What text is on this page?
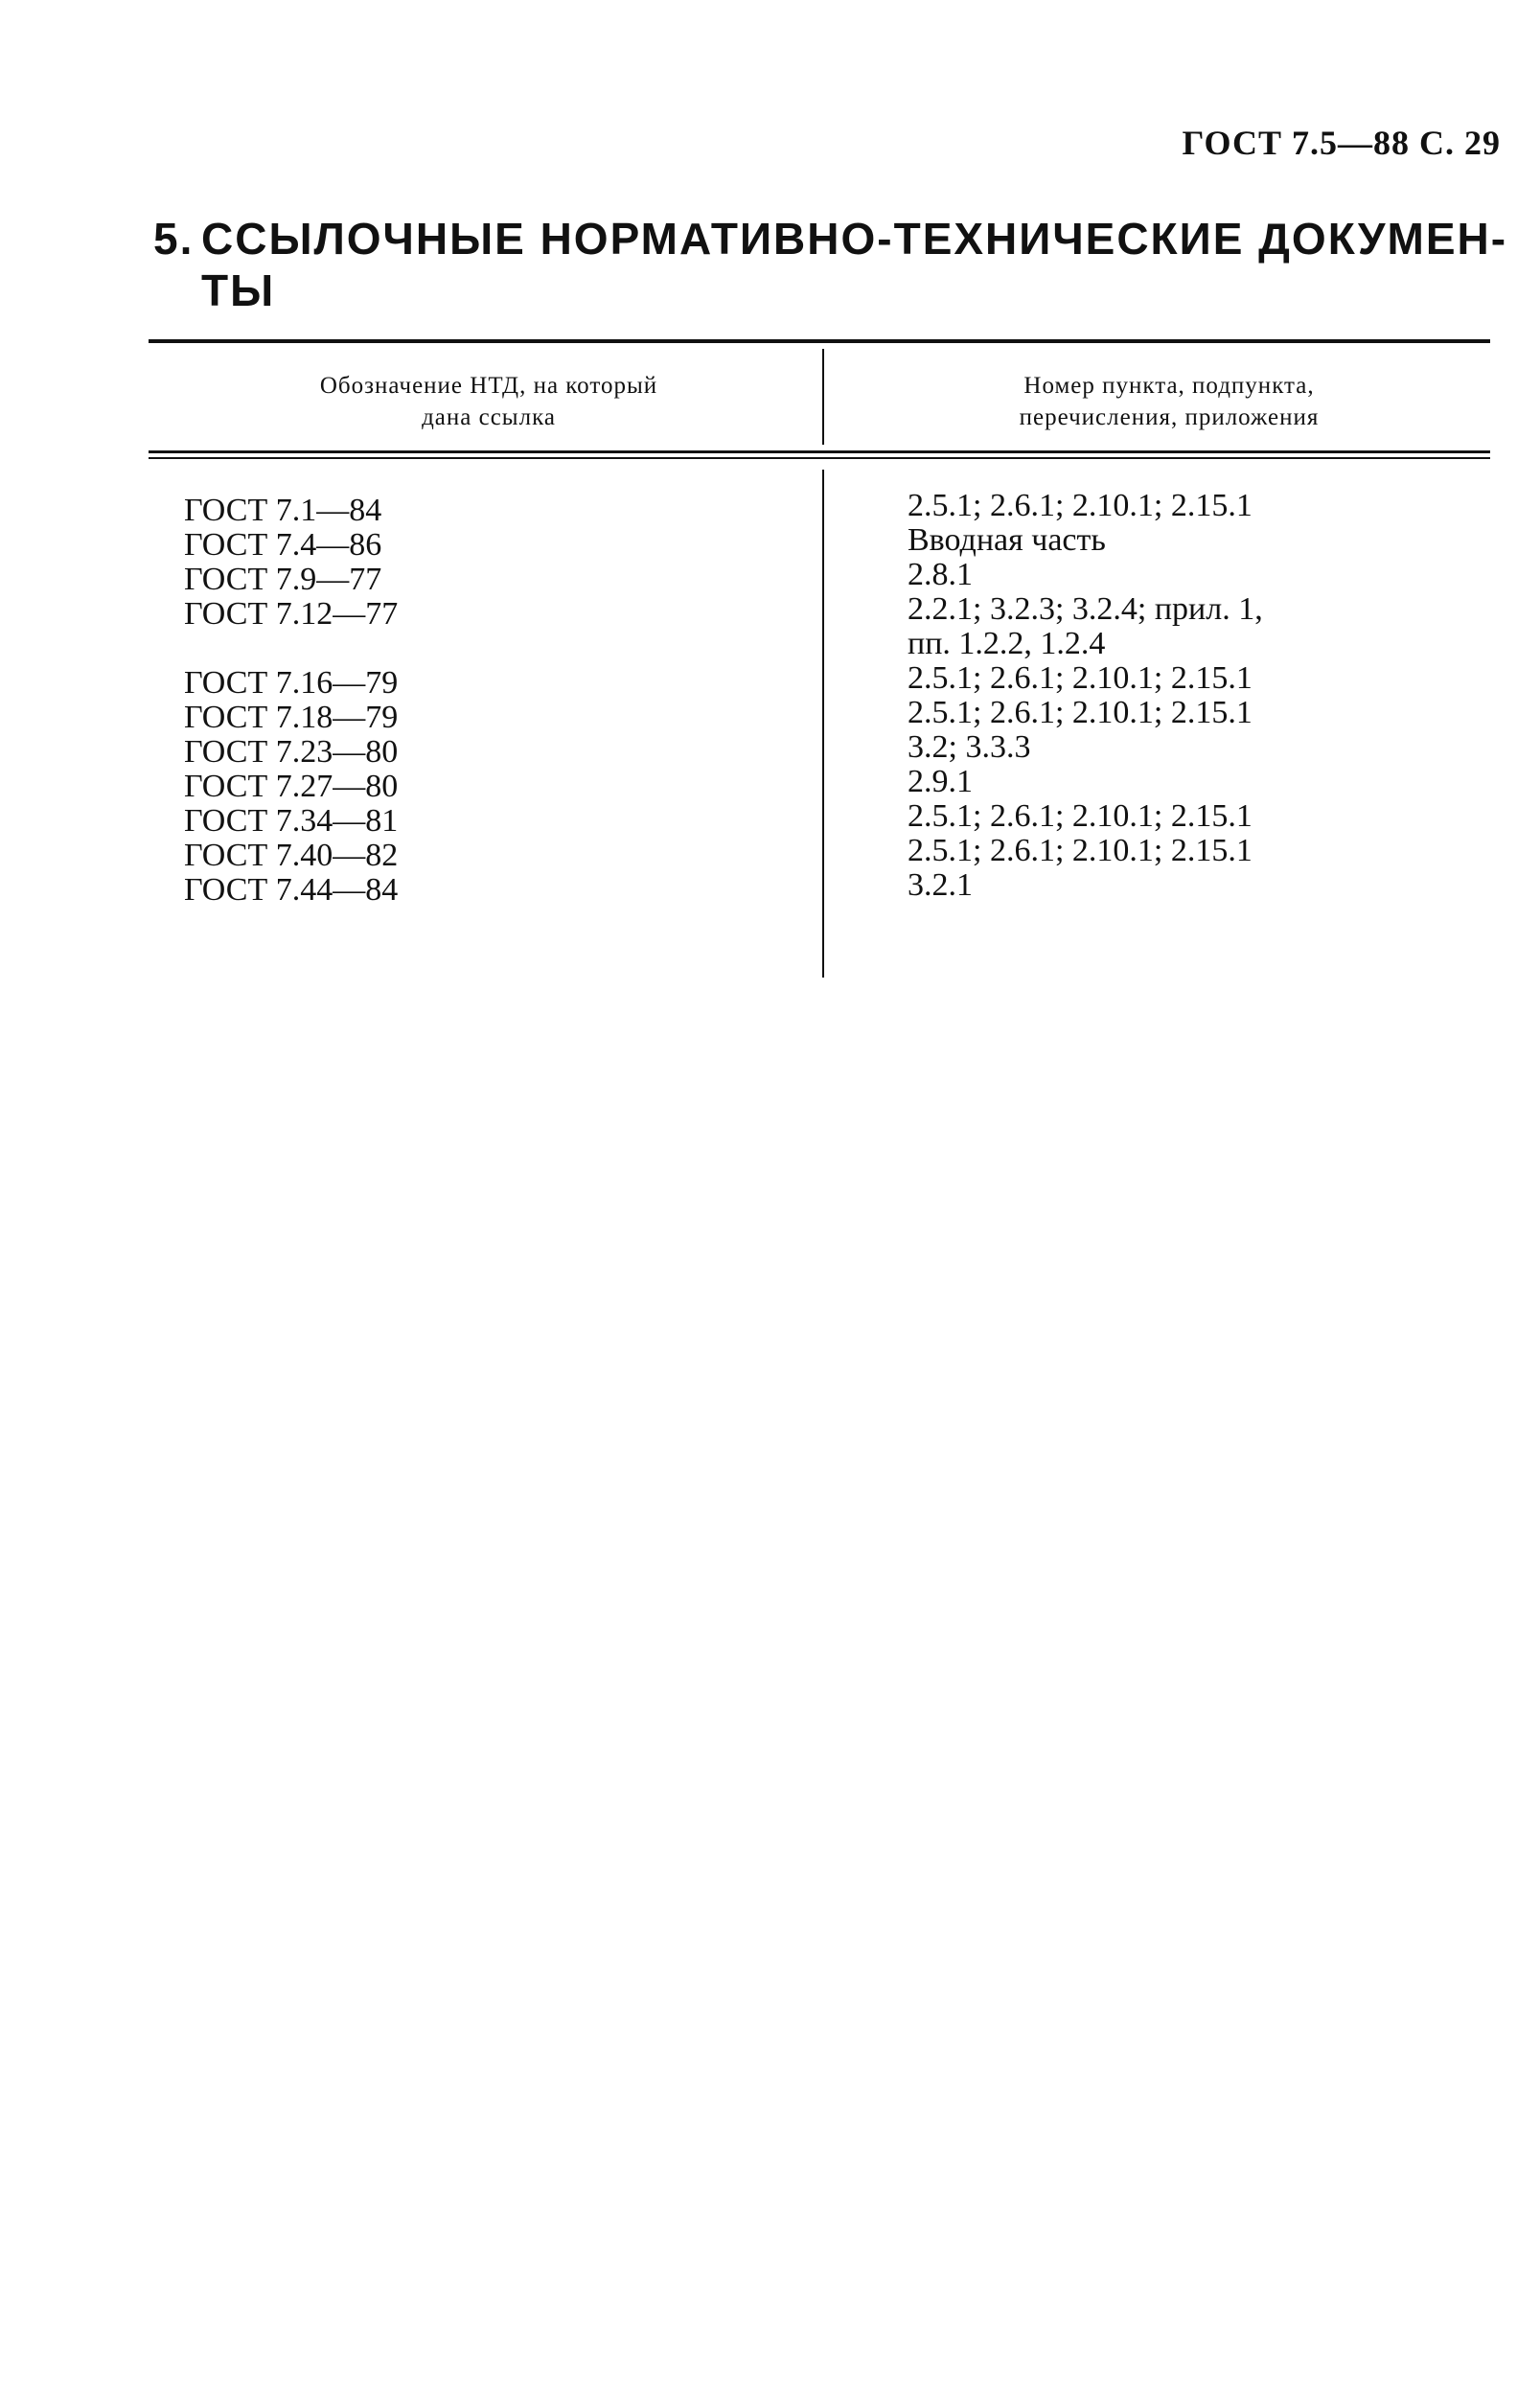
ГОСТ 7.5—88 С. 29
5. ССЫЛОЧНЫЕ НОРМАТИВНО-ТЕХНИЧЕСКИЕ ДОКУМЕН-
ТЫ
Обозначение НТД, на который
дана ссылка
Номер пункта, подпункта,
перечисления, приложения
ГОСТ 7.1—84
ГОСТ 7.4—86
ГОСТ 7.9—77
ГОСТ 7.12—77
ГОСТ 7.16—79
ГОСТ 7.18—79
ГОСТ 7.23—80
ГОСТ 7.27—80
ГОСТ 7.34—81
ГОСТ 7.40—82
ГОСТ 7.44—84
2.5.1; 2.6.1; 2.10.1; 2.15.1
Вводная часть
2.8.1
2.2.1; 3.2.3; 3.2.4; прил. 1,
пп. 1.2.2, 1.2.4
2.5.1; 2.6.1; 2.10.1; 2.15.1
2.5.1; 2.6.1; 2.10.1; 2.15.1
3.2; 3.3.3
2.9.1
2.5.1; 2.6.1; 2.10.1; 2.15.1
2.5.1; 2.6.1; 2.10.1; 2.15.1
3.2.1
